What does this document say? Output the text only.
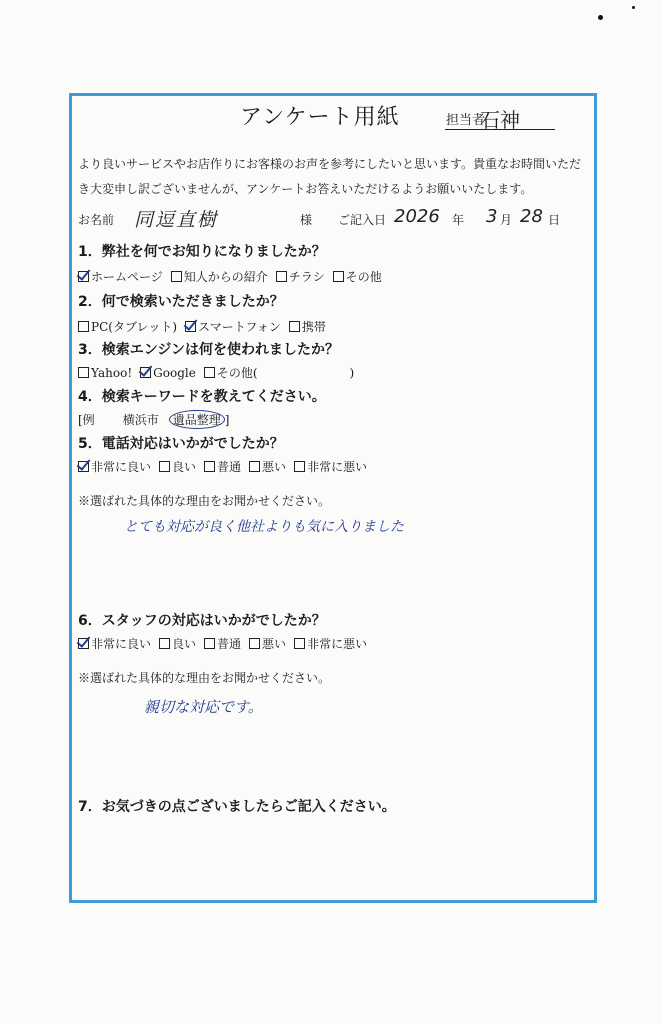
アンケート用紙	担当者
石神
より良いサービスやお店作りにお客様のお声を参考にしたいと思います。貴重なお時間いただき大変申し訳ございませんが、アンケートお答えいただけるようお願いいたします。
お名前 同逗直樹	様 ご記入日 2026 年 3 月 28 日
1．弊社を何でお知りになりましたか？
ホームページ 知人からの紹介 チラシ その他
2．何で検索いただきましたか？
PC(タブレット) スマートフォン 携帯
3．検索エンジンは何を使われましたか？
Yahoo! Google その他(	)
4．検索キーワードを教えてください。
[例 横浜市	遺品整理 ]
5．電話対応はいかがでしたか？
非常に良い 良い 普通 悪い 非常に悪い
※選ばれた具体的な理由をお聞かせください。
とても対応が良く他社よりも気に入りました
6．スタッフの対応はいかがでしたか？
非常に良い 良い 普通 悪い 非常に悪い
※選ばれた具体的な理由をお聞かせください。
親切な対応です。
7．お気づきの点ございましたらご記入ください。
